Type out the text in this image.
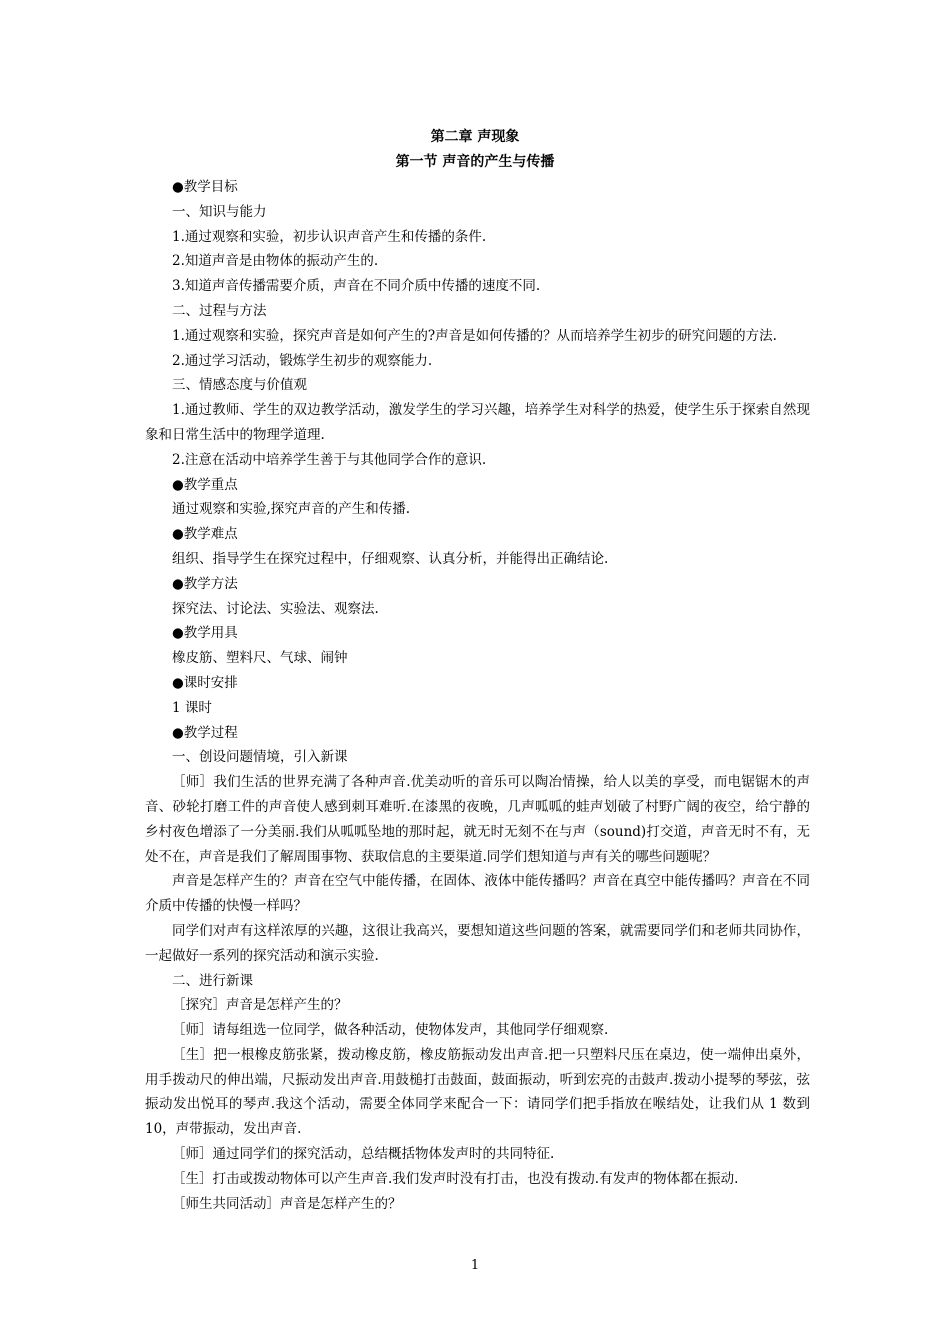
第二章 声现象
第一节 声音的产生与传播

●教学目标

一、知识与能力

1.通过观察和实验，初步认识声音产生和传播的条件.

2.知道声音是由物体的振动产生的.

3.知道声音传播需要介质，声音在不同介质中传播的速度不同.

二、过程与方法

1.通过观察和实验，探究声音是如何产生的?声音是如何传播的？从而培养学生初步的研究问题的方法.

2.通过学习活动，锻炼学生初步的观察能力.

三、情感态度与价值观

1.通过教师、学生的双边教学活动，激发学生的学习兴趣，培养学生对科学的热爱，使学生乐于探索自然现象和日常生活中的物理学道理.

2.注意在活动中培养学生善于与其他同学合作的意识.

●教学重点

通过观察和实验,探究声音的产生和传播.

●教学难点

组织、指导学生在探究过程中，仔细观察、认真分析，并能得出正确结论.

●教学方法

探究法、讨论法、实验法、观察法.

●教学用具

橡皮筋、塑料尺、气球、闹钟

●课时安排

1 课时

●教学过程

一、创设问题情境，引入新课

［师］我们生活的世界充满了各种声音.优美动听的音乐可以陶冶情操，给人以美的享受，而电锯锯木的声音、砂轮打磨工件的声音使人感到刺耳难听.在漆黑的夜晚，几声呱呱的蛙声划破了村野广阔的夜空，给宁静的乡村夜色增添了一分美丽.我们从呱呱坠地的那时起，就无时无刻不在与声（sound)打交道，声音无时不有，无处不在，声音是我们了解周围事物、获取信息的主要渠道.同学们想知道与声有关的哪些问题呢？

声音是怎样产生的？声音在空气中能传播，在固体、液体中能传播吗？声音在真空中能传播吗？声音在不同介质中传播的快慢一样吗？

同学们对声有这样浓厚的兴趣，这很让我高兴，要想知道这些问题的答案，就需要同学们和老师共同协作，一起做好一系列的探究活动和演示实验.

二、进行新课

［探究］声音是怎样产生的？

［师］请每组选一位同学，做各种活动，使物体发声，其他同学仔细观察.

［生］把一根橡皮筋张紧，拨动橡皮筋，橡皮筋振动发出声音.把一只塑料尺压在桌边，使一端伸出桌外，用手拨动尺的伸出端，尺振动发出声音.用鼓槌打击鼓面，鼓面振动，听到宏亮的击鼓声.拨动小提琴的琴弦，弦振动发出悦耳的琴声.我这个活动，需要全体同学来配合一下：请同学们把手指放在喉结处，让我们从 1 数到 10，声带振动，发出声音.

［师］通过同学们的探究活动，总结概括物体发声时的共同特征.

［生］打击或拨动物体可以产生声音.我们发声时没有打击，也没有拨动.有发声的物体都在振动.

［师生共同活动］声音是怎样产生的？

1
